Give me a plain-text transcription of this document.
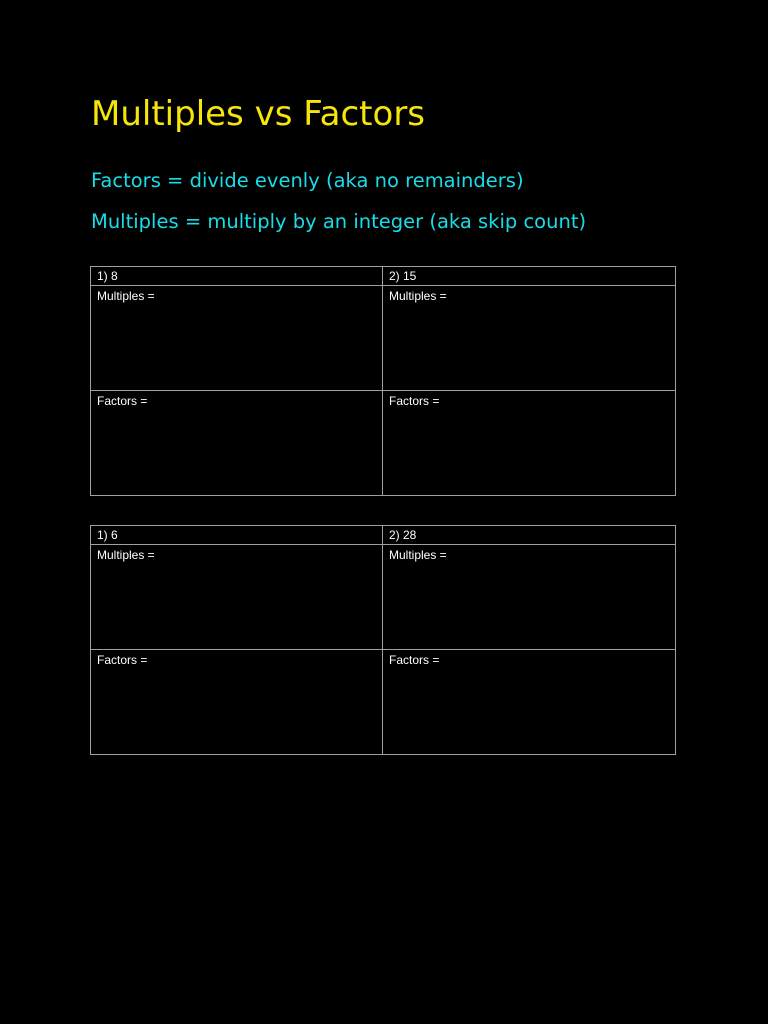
Multiples vs Factors
Factors = divide evenly (aka no remainders)
Multiples = multiply by an integer (aka skip count)
1) 8	2) 15
Multiples =	Multiples =
Factors =	Factors =
1) 6	2) 28
Multiples =	Multiples =
Factors =	Factors =
